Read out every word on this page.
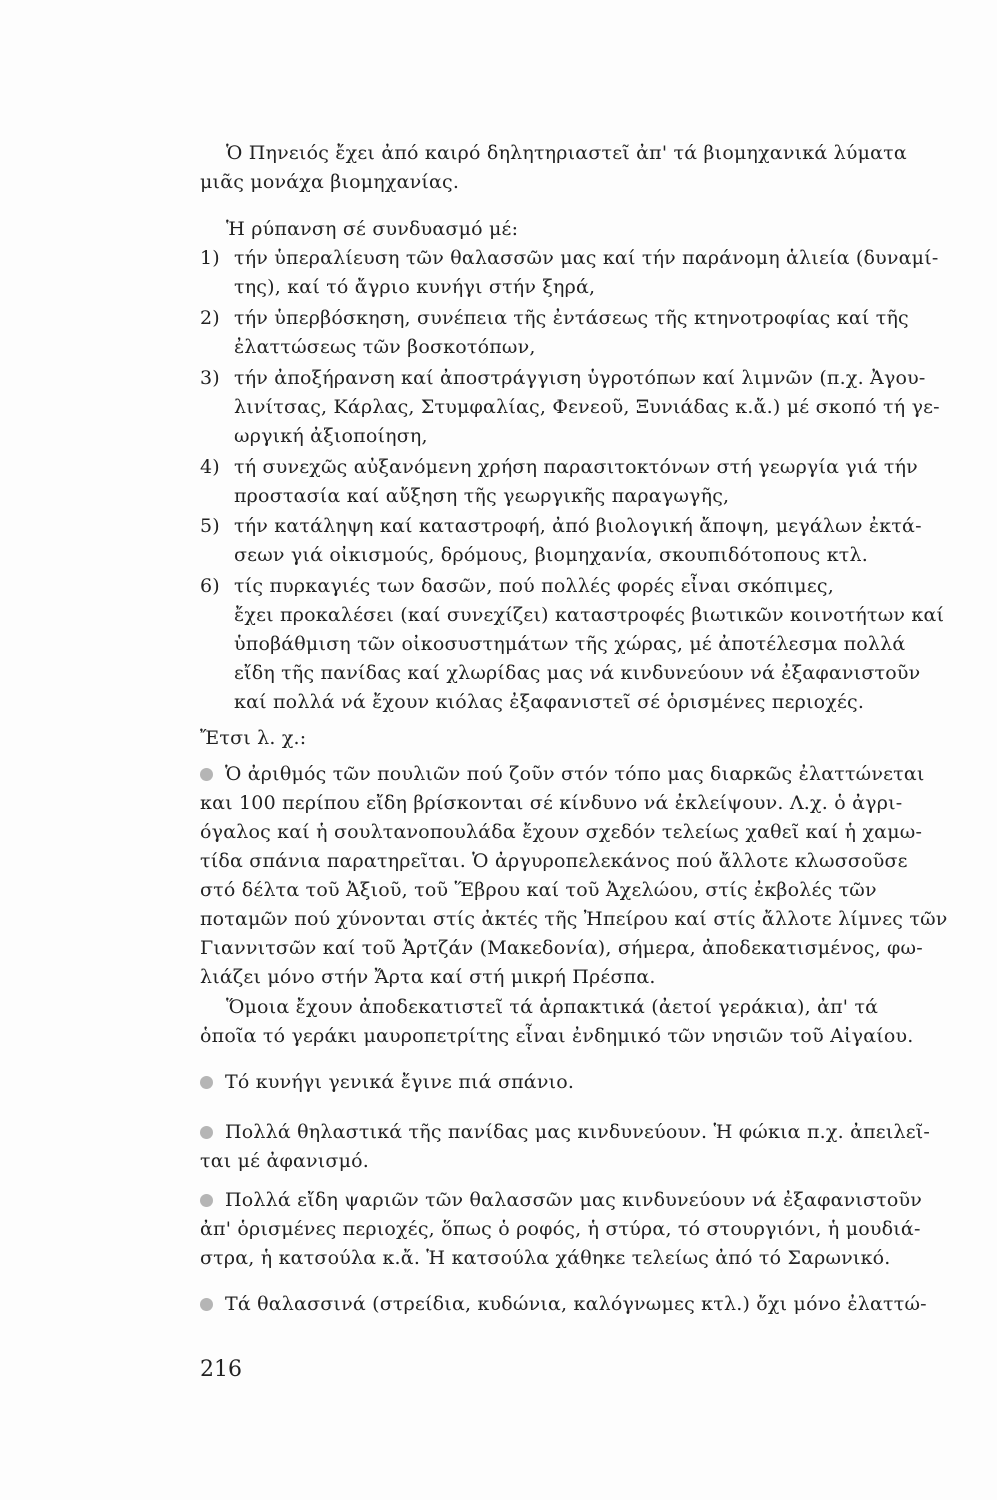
Ὁ Πηνειός ἔχει ἀπό καιρό δηλητηριαστεῖ ἀπ' τά βιομηχανικά λύματα
μιᾶς μονάχα βιομηχανίας.
Ἡ ρύπανση σέ συνδυασμό μέ:
1) τήν ὑπεραλίευση τῶν θαλασσῶν μας καί τήν παράνομη ἁλιεία (δυναμί-
της), καί τό ἄγριο κυνήγι στήν ξηρά,
2) τήν ὑπερβόσκηση, συνέπεια τῆς ἐντάσεως τῆς κτηνοτροφίας καί τῆς
ἐλαττώσεως τῶν βοσκοτόπων,
3) τήν ἀποξήρανση καί ἀποστράγγιση ὑγροτόπων καί λιμνῶν (π.χ. Ἀγου-
λινίτσας, Κάρλας, Στυμφαλίας, Φενεοῦ, Ξυνιάδας κ.ἄ.) μέ σκοπό τή γε-
ωργική ἀξιοποίηση,
4) τή συνεχῶς αὐξανόμενη χρήση παρασιτοκτόνων στή γεωργία γιά τήν
προστασία καί αὔξηση τῆς γεωργικῆς παραγωγῆς,
5) τήν κατάληψη καί καταστροφή, ἀπό βιολογική ἄποψη, μεγάλων ἐκτά-
σεων γιά οἰκισμούς, δρόμους, βιομηχανία, σκουπιδότοπους κτλ.
6) τίς πυρκαγιές των δασῶν, πού πολλές φορές εἶναι σκόπιμες,
ἔχει προκαλέσει (καί συνεχίζει) καταστροφές βιωτικῶν κοινοτήτων καί
ὑποβάθμιση τῶν οἰκοσυστημάτων τῆς χώρας, μέ ἀποτέλεσμα πολλά
εἴδη τῆς πανίδας καί χλωρίδας μας νά κινδυνεύουν νά ἐξαφανιστοῦν
καί πολλά νά ἔχουν κιόλας ἐξαφανιστεῖ σέ ὁρισμένες περιοχές.
Ἔτσι λ. χ.:
Ὁ ἀριθμός τῶν πουλιῶν πού ζοῦν στόν τόπο μας διαρκῶς ἐλαττώνεται
και 100 περίπου εἴδη βρίσκονται σέ κίνδυνο νά ἐκλείψουν. Λ.χ. ὁ ἀγρι-
όγαλος καί ἡ σουλτανοπουλάδα ἔχουν σχεδόν τελείως χαθεῖ καί ἡ χαμω-
τίδα σπάνια παρατηρεῖται. Ὁ ἀργυροπελεκάνος πού ἄλλοτε κλωσσοῦσε
στό δέλτα τοῦ Ἀξιοῦ, τοῦ Ἕβρου καί τοῦ Ἀχελώου, στίς ἐκβολές τῶν
ποταμῶν πού χύνονται στίς ἀκτές τῆς Ἠπείρου καί στίς ἄλλοτε λίμνες τῶν
Γιαννιτσῶν καί τοῦ Ἀρτζάν (Μακεδονία), σήμερα, ἀποδεκατισμένος, φω-
λιάζει μόνο στήν Ἄρτα καί στή μικρή Πρέσπα.
Ὅμοια ἔχουν ἀποδεκατιστεῖ τά ἁρπακτικά (ἀετοί γεράκια), ἀπ' τά
ὁποῖα τό γεράκι μαυροπετρίτης εἶναι ἐνδημικό τῶν νησιῶν τοῦ Αἰγαίου.
Τό κυνήγι γενικά ἔγινε πιά σπάνιο.
Πολλά θηλαστικά τῆς πανίδας μας κινδυνεύουν. Ἡ φώκια π.χ. ἀπειλεῖ-
ται μέ ἀφανισμό.
Πολλά εἴδη ψαριῶν τῶν θαλασσῶν μας κινδυνεύουν νά ἐξαφανιστοῦν
ἀπ' ὁρισμένες περιοχές, ὅπως ὁ ροφός, ἡ στύρα, τό στουργιόνι, ἡ μουδιά-
στρα, ἡ κατσούλα κ.ἄ. Ἡ κατσούλα χάθηκε τελείως ἀπό τό Σαρωνικό.
Τά θαλασσινά (στρείδια, κυδώνια, καλόγνωμες κτλ.) ὄχι μόνο ἐλαττώ-
216
